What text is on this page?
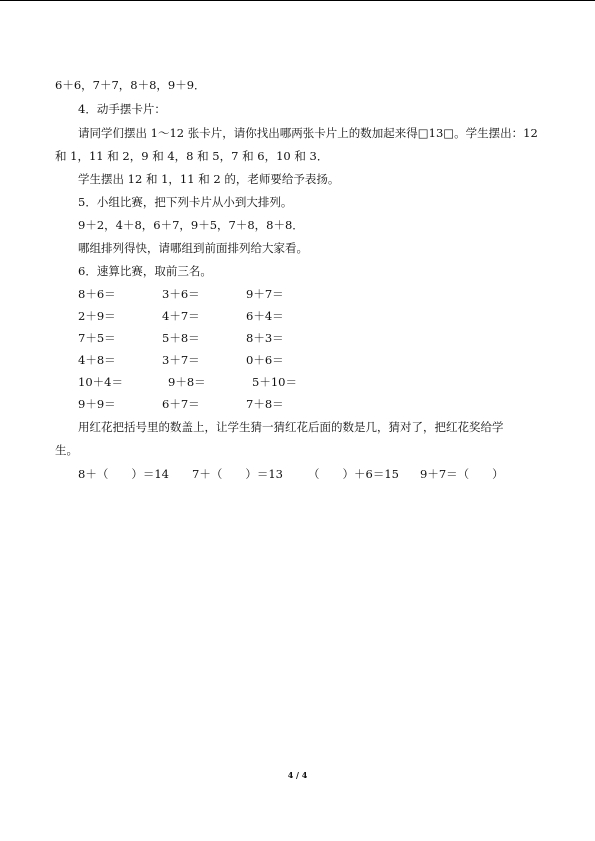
6＋6，7＋7，8＋8，9＋9．
4．动手摆卡片：
请同学们摆出 1～12 张卡片，请你找出哪两张卡片上的数加起来得□13□。学生摆出：12
和 1，11 和 2，9 和 4，8 和 5，7 和 6，10 和 3．
学生摆出 12 和 1，11 和 2 的，老师要给予表扬。
5．小组比赛，把下列卡片从小到大排列。
9＋2，4＋8，6＋7，9＋5，7＋8，8＋8．
哪组排列得快，请哪组到前面排列给大家看。
6．速算比赛，取前三名。
8＋6＝	3＋6＝	9＋7＝
2＋9＝	4＋7＝	6＋4＝
7＋5＝	5＋8＝	8＋3＝
4＋8＝	3＋7＝	0＋6＝
10＋4＝	9＋8＝	5＋10＝
9＋9＝	6＋7＝	7＋8＝
用红花把括号里的数盖上，让学生猜一猜红花后面的数是几，猜对了，把红花奖给学
生。
8＋（　　）＝14 7＋（　　）＝13 （　　）＋6＝15 9＋7＝（　　）
4 / 4
